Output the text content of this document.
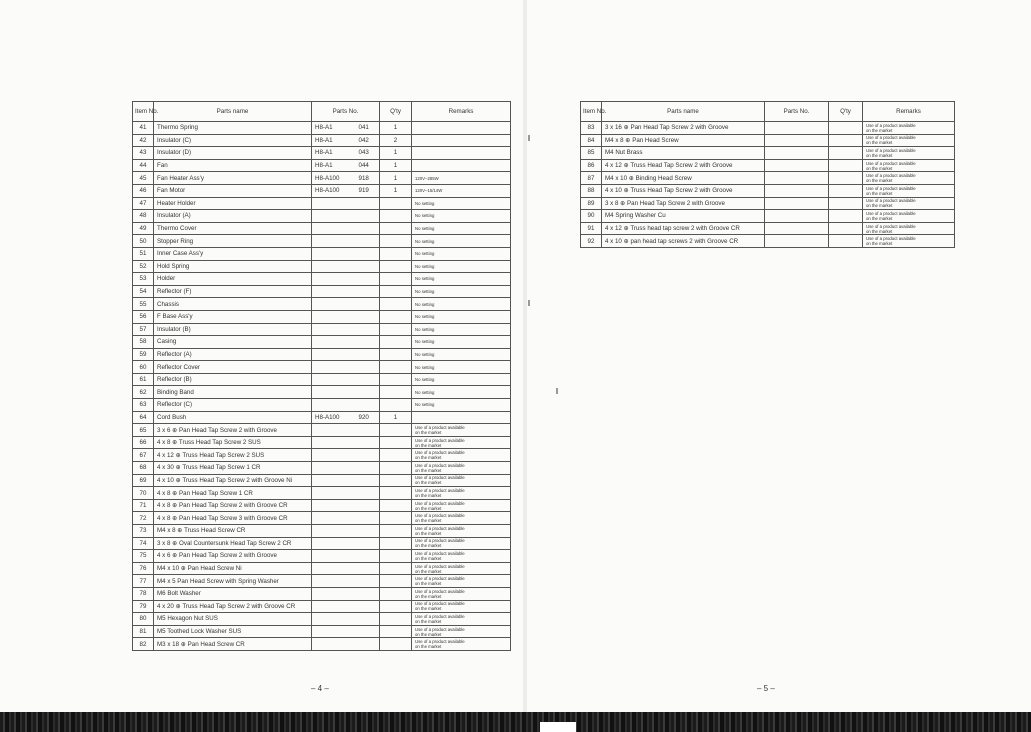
Item No.	Parts name	Parts No.		Q'ty	Remarks
41	Thermo Spring	H8-A1	041	1	

42	Insulator (C)	H8-A1	042	2	

43	Insulator (D)	H8-A1	043	1	

44	Fan	H8-A1	044	1	

45	Fan Heater Ass'y	H8-A100	918	1	120V–285W

46	Fan Motor	H8-A100	919	1	120V–15/14W

47	Heater Holder				No setting

48	Insulator (A)				No setting

49	Thermo Cover				No setting

50	Stopper Ring				No setting

51	Inner Case Ass'y				No setting

52	Hold Spring				No setting

53	Holder				No setting

54	Reflector (F)				No setting

55	Chassis				No setting

56	F Base Ass'y				No setting

57	Insulator (B)				No setting

58	Casing				No setting

59	Reflector (A)				No setting

60	Reflector Cover				No setting

61	Reflector (B)				No setting

62	Binding Band				No setting

63	Reflector (C)				No setting

64	Cord Bush	H8-A100	920	1	

65	3 x 6 ⊕ Pan Head Tap Screw 2 with Groove				Use of a product available
on the market

66	4 x 8 ⊕ Truss Head Tap Screw 2 SUS				Use of a product available
on the market

67	4 x 12 ⊕ Truss Head Tap Screw 2 SUS				Use of a product available
on the market

68	4 x 30 ⊕ Truss Head Tap Screw 1 CR				Use of a product available
on the market

69	4 x 10 ⊕ Truss Head Tap Screw 2 with Groove Ni				Use of a product available
on the market

70	4 x 8 ⊕ Pan Head Tap Screw 1 CR				Use of a product available
on the market

71	4 x 8 ⊕ Pan Head Tap Screw 2 with Groove CR				Use of a product available
on the market

72	4 x 8 ⊕ Pan Head Tap Screw 3 with Groove CR				Use of a product available
on the market

73	M4 x 8 ⊕ Truss Head Screw CR				Use of a product available
on the market

74	3 x 8 ⊕ Oval Countersunk Head Tap Screw 2 CR				Use of a product available
on the market

75	4 x 6 ⊕ Pan Head Tap Screw 2 with Groove				Use of a product available
on the market

76	M4 x 10 ⊕ Pan Head Screw Ni				Use of a product available
on the market

77	M4 x 5 Pan Head Screw with Spring Washer				Use of a product available
on the market

78	M6 Bolt Washer				Use of a product available
on the market

79	4 x 20 ⊕ Truss Head Tap Screw 2 with Groove CR				Use of a product available
on the market

80	M5 Hexagon Nut SUS				Use of a product available
on the market

81	M5 Toothed Lock Washer SUS				Use of a product available
on the market

82	M3 x 18 ⊕ Pan Head Screw CR				Use of a product available
on the market
Item No.	Parts name	Parts No.	Q'ty	Remarks
83	3 x 16 ⊕ Pan Head Tap Screw 2 with Groove			Use of a product available
on the market

84	M4 x 8 ⊕ Pan Head Screw			Use of a product available
on the market

85	M4 Nut Brass			Use of a product available
on the market

86	4 x 12 ⊕ Truss Head Tap Screw 2 with Groove			Use of a product available
on the market

87	M4 x 10 ⊕ Binding Head Screw			Use of a product available
on the market

88	4 x 10 ⊕ Truss Head Tap Screw 2 with Groove			Use of a product available
on the market

89	3 x 8 ⊕ Pan Head Tap Screw 2 with Groove			Use of a product available
on the market

90	M4 Spring Washer Cu			Use of a product available
on the market

91	4 x 12 ⊕ Truss head tap screw 2 with Groove CR			Use of a product available
on the market

92	4 x 10 ⊕ pan head tap screws 2 with Groove CR			Use of a product available
on the market
– 4 –	– 5 –
